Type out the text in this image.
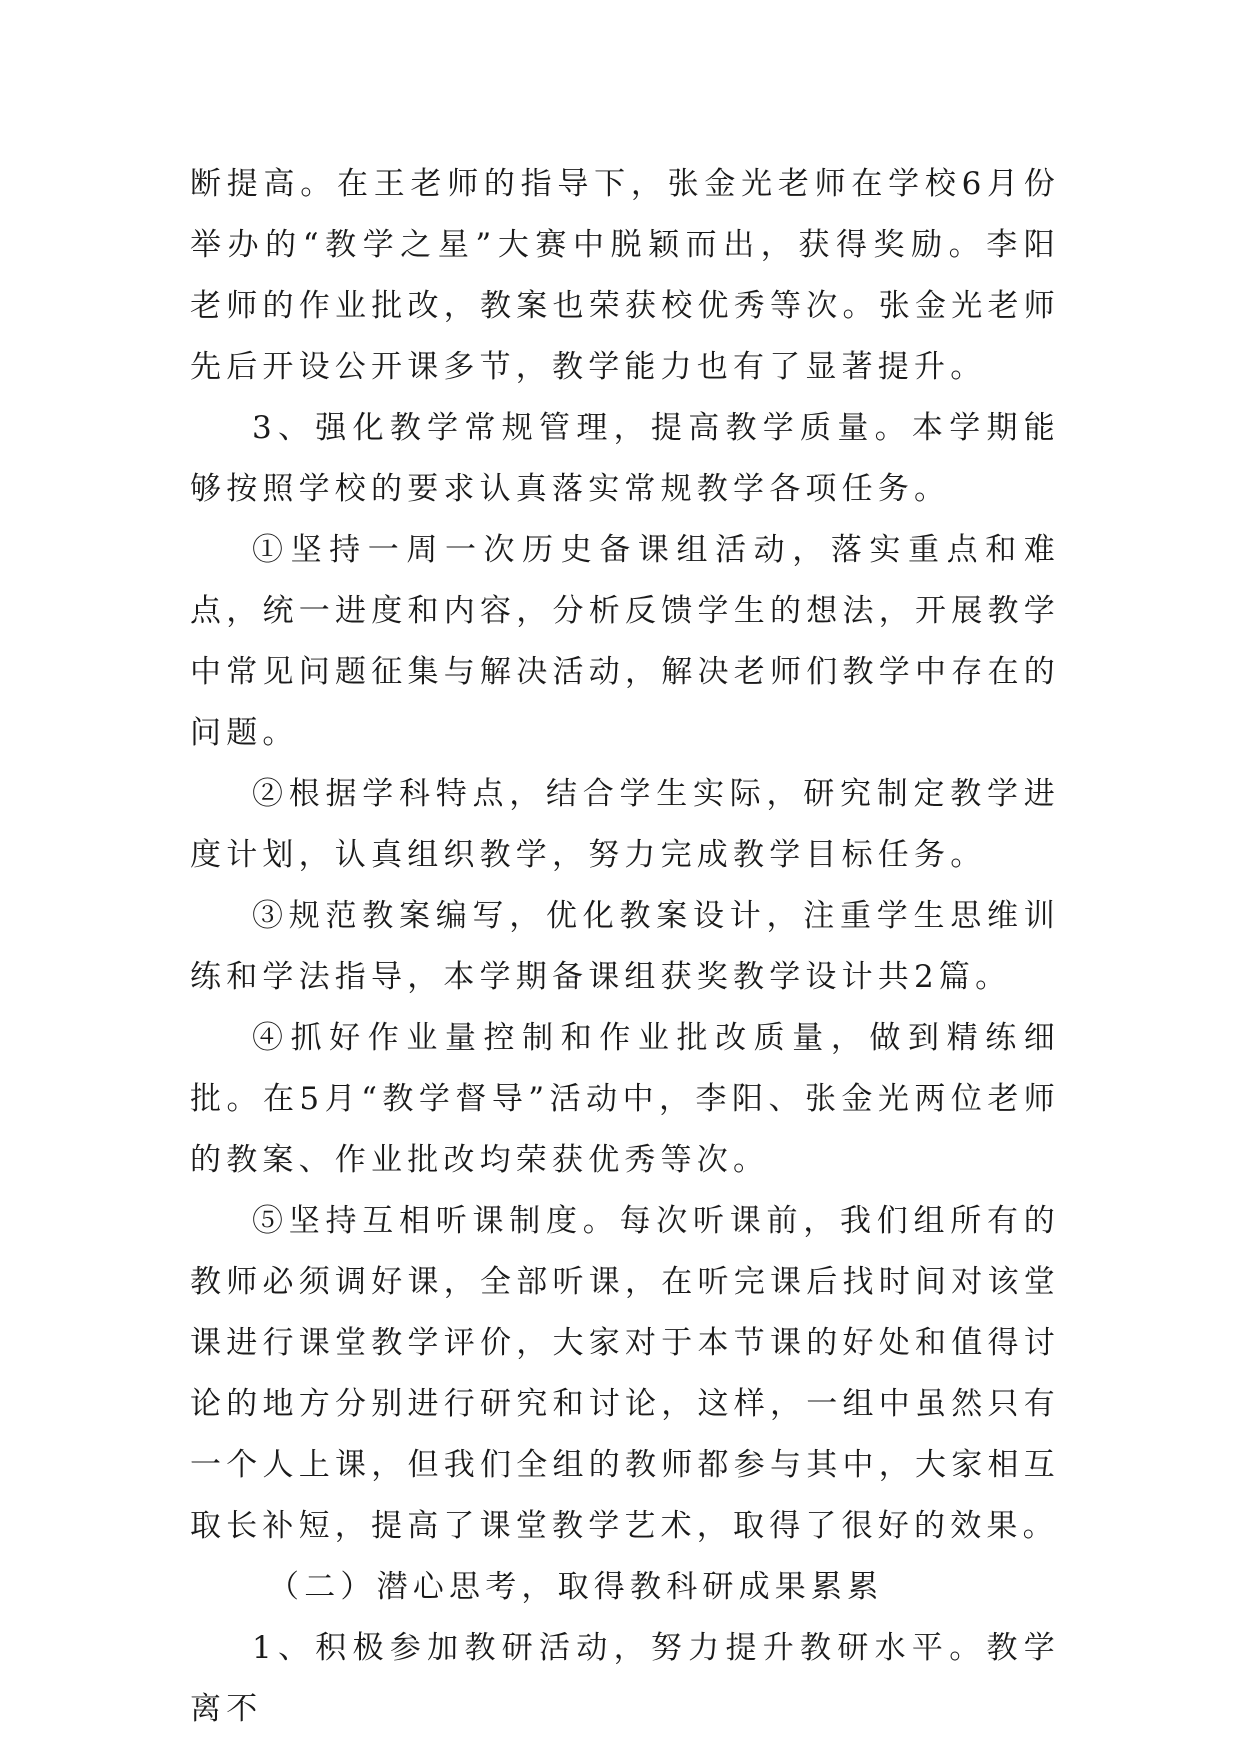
断提高。在王老师的指导下，张金光老师在学校6月份举办的“教学之星”大赛中脱颖而出，获得奖励。李阳老师的作业批改，教案也荣获校优秀等次。张金光老师先后开设公开课多节，教学能力也有了显著提升。

3、强化教学常规管理，提高教学质量。本学期能够按照学校的要求认真落实常规教学各项任务。

①坚持一周一次历史备课组活动，落实重点和难点，统一进度和内容，分析反馈学生的想法，开展教学中常见问题征集与解决活动，解决老师们教学中存在的问题。

②根据学科特点，结合学生实际，研究制定教学进度计划，认真组织教学，努力完成教学目标任务。

③规范教案编写，优化教案设计，注重学生思维训练和学法指导，本学期备课组获奖教学设计共2篇。

④抓好作业量控制和作业批改质量，做到精练细批。在5月“教学督导”活动中，李阳、张金光两位老师的教案、作业批改均荣获优秀等次。

⑤坚持互相听课制度。每次听课前，我们组所有的教师必须调好课，全部听课，在听完课后找时间对该堂课进行课堂教学评价，大家对于本节课的好处和值得讨论的地方分别进行研究和讨论，这样，一组中虽然只有一个人上课，但我们全组的教师都参与其中，大家相互取长补短，提高了课堂教学艺术，取得了很好的效果。

（二）潜心思考，取得教科研成果累累

1、积极参加教研活动，努力提升教研水平。教学离不
